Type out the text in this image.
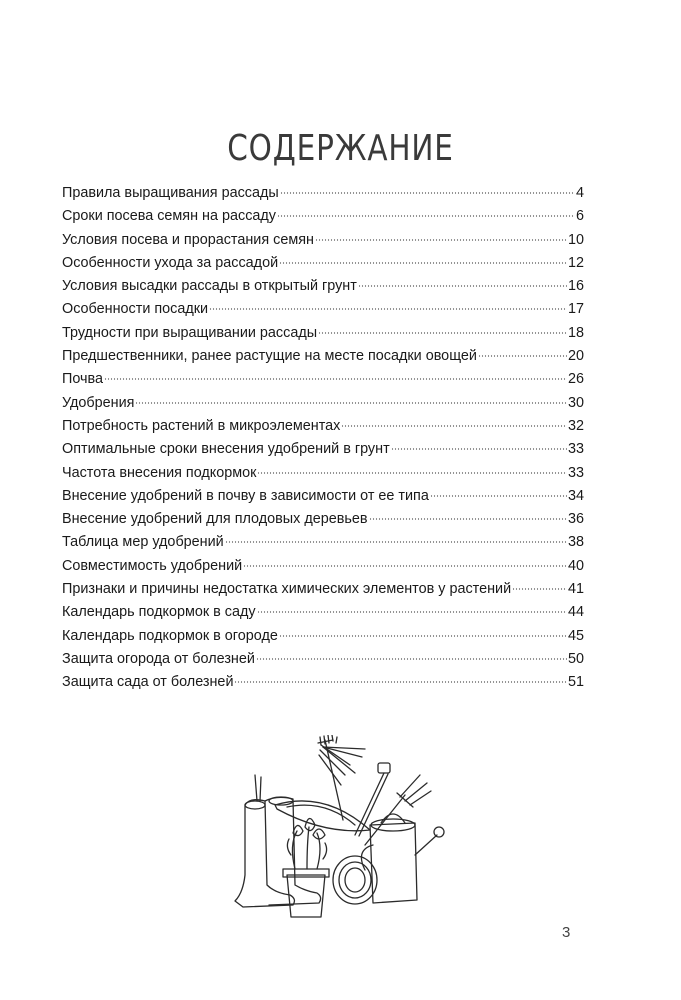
СОДЕРЖАНИЕ
Правила выращивания рассады	4
Сроки посева семян на рассаду	6
Условия посева и прорастания семян	10
Особенности ухода за рассадой	12
Условия высадки рассады в открытый грунт	16
Особенности посадки	17
Трудности при выращивании рассады	18
Предшественники, ранее растущие на месте посадки овощей	20
Почва	26
Удобрения	30
Потребность растений в микроэлементах	32
Оптимальные сроки внесения удобрений в грунт	33
Частота внесения подкормок	33
Внесение удобрений в почву в зависимости от ее типа	34
Внесение удобрений для плодовых деревьев	36
Таблица мер удобрений	38
Совместимость удобрений	40
Признаки и причины недостатка химических элементов у растений	41
Календарь подкормок в саду	44
Календарь подкормок в огороде	45
Защита огорода от болезней	50
Защита сада от болезней	51
3
